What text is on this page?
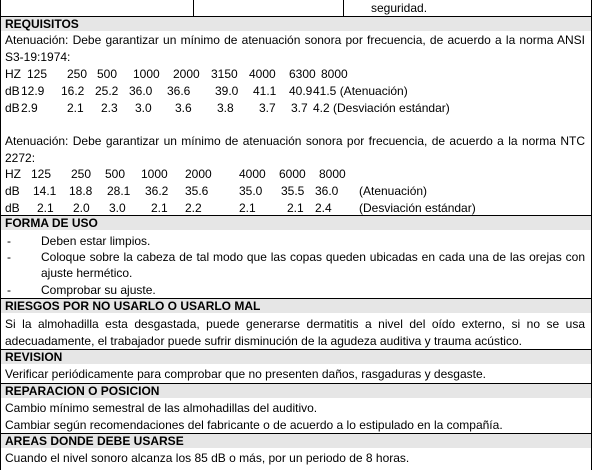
seguridad.
REQUISITOS
Atenuación: Debe garantizar un mínimo de atenuación sonora por frecuencia, de acuerdo a la norma ANSI
S3-19:1974:
HZ 125 250 500 1000 2000 3150 4000 6300 8000
dB 12.9 16.2 25.2 36.0 36.6 39.0 41.1 40.9 41.5 (Atenuación)
dB 2.9 2.1 2.3 3.0 3.6 3.8 3.7 3.7 4.2 (Desviación estándar)
Atenuación: Debe garantizar un mínimo de atenuación sonora por frecuencia, de acuerdo a la norma NTC
2272:
HZ 125 250 500 1000 2000 4000 6000 8000
dB 14.1 18.8 28.1 36.2 35.6	35.0 35.5 36.0 (Atenuación)
dB 2.1 2.0 3.0 2.1 2.2	2.1	2.1 2.4 (Desviación estándar)
FORMA DE USO
-	Deben estar limpios.
-	Coloque sobre la cabeza de tal modo que las copas queden ubicadas en cada una de las orejas con
ajuste hermético.
-	Comprobar su ajuste.
RIESGOS POR NO USARLO O USARLO MAL
Si la almohadilla esta desgastada, puede generarse dermatitis a nivel del oído externo, si no se usa
adecuadamente, el trabajador puede sufrir disminución de la agudeza auditiva y trauma acústico.
REVISION
Verificar periódicamente para comprobar que no presenten daños, rasgaduras y desgaste.
REPARACION O POSICION
Cambio mínimo semestral de las almohadillas del auditivo.
Cambiar según recomendaciones del fabricante o de acuerdo a lo estipulado en la compañía.
AREAS DONDE DEBE USARSE
Cuando el nivel sonoro alcanza los 85 dB o más, por un periodo de 8 horas.
